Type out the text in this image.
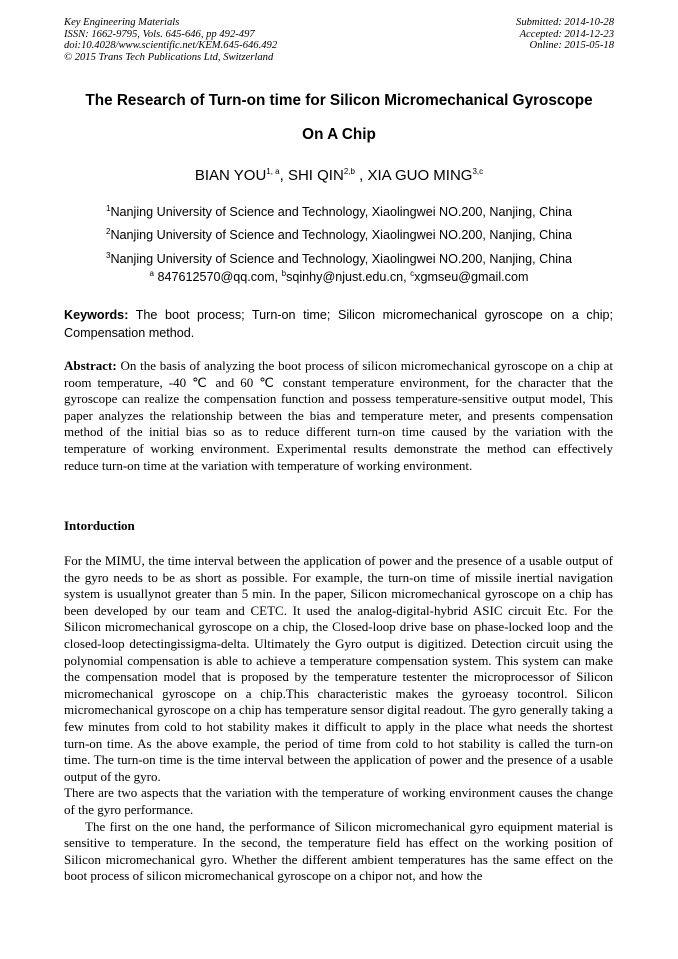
Key Engineering Materials
ISSN: 1662-9795, Vols. 645-646, pp 492-497
doi:10.4028/www.scientific.net/KEM.645-646.492
© 2015 Trans Tech Publications Ltd, Switzerland
Submitted: 2014-10-28
Accepted: 2014-12-23
Online: 2015-05-18
The Research of Turn-on time for Silicon Micromechanical Gyroscope
On A Chip
BIAN YOU$^{1, a}$, SHI QIN$^{2,b}$ , XIA GUO MING$^{3,c}$
$^1$Nanjing University of Science and Technology, Xiaolingwei NO.200, Nanjing, China
$^2$Nanjing University of Science and Technology, Xiaolingwei NO.200, Nanjing, China
$^3$Nanjing University of Science and Technology, Xiaolingwei NO.200, Nanjing, China
$^a$ 847612570@qq.com, $^b$sqinhy@njust.edu.cn, $^c$xgmseu@gmail.com
Keywords: The boot process; Turn-on time; Silicon micromechanical gyroscope on a chip; Compensation method.

Abstract: On the basis of analyzing the boot process of silicon micromechanical gyroscope on a chip at room temperature, -40 ℃ and 60 ℃ constant temperature environment, for the character that the gyroscope can realize the compensation function and possess temperature-sensitive output model, This paper analyzes the relationship between the bias and temperature meter, and presents compensation method of the initial bias so as to reduce different turn-on time caused by the variation with the temperature of working environment. Experimental results demonstrate the method can effectively reduce turn-on time at the variation with temperature of working environment.

Intorduction

For the MIMU, the time interval between the application of power and the presence of a usable output of the gyro needs to be as short as possible. For example, the turn-on time of missile inertial navigation system is usuallynot greater than 5 min. In the paper, Silicon micromechanical gyroscope on a chip has been developed by our team and CETC. It used the analog-digital-hybrid ASIC circuit Etc. For the Silicon micromechanical gyroscope on a chip, the Closed-loop drive base on phase-locked loop and the closed-loop detectingissigma-delta. Ultimately the Gyro output is digitized. Detection circuit using the polynomial compensation is able to achieve a temperature compensation system. This system can make the compensation model that is proposed by the temperature testenter the microprocessor of Silicon micromechanical gyroscope on a chip.This characteristic makes the gyroeasy tocontrol. Silicon micromechanical gyroscope on a chip has temperature sensor digital readout. The gyro generally taking a few minutes from cold to hot stability makes it difficult to apply in the place what needs the shortest turn-on time. As the above example, the period of time from cold to hot stability is called the turn-on time. The turn-on time is the time interval between the application of power and the presence of a usable output of the gyro.

There are two aspects that the variation with the temperature of working environment causes the change of the gyro performance.

The first on the one hand, the performance of Silicon micromechanical gyro equipment material is sensitive to temperature. In the second, the temperature field has effect on the working position of Silicon micromechanical gyro. Whether the different ambient temperatures has the same effect on the boot process of silicon micromechanical gyroscope on a chipor not, and how the
